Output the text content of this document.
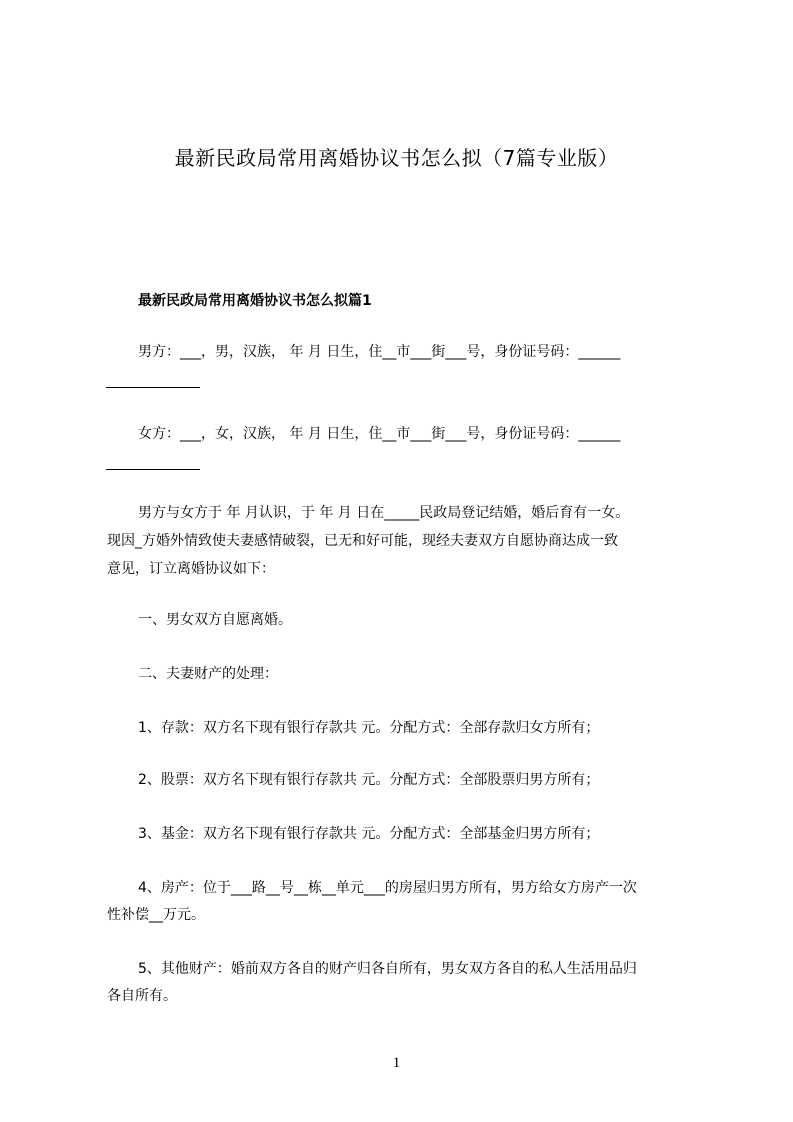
最新民政局常用离婚协议书怎么拟（7篇专业版）
最新民政局常用离婚协议书怎么拟篇1
男方：___，男，汉族， 年 月 日生，住__市___街___号，身份证号码：______
女方：___，女，汉族， 年 月 日生，住__市___街___号，身份证号码：______
男方与女方于 年 月认识，于 年 月 日在_____民政局登记结婚，婚后育有一女。
现因_方婚外情致使夫妻感情破裂，已无和好可能，现经夫妻双方自愿协商达成一致
意见，订立离婚协议如下：
一、男女双方自愿离婚。
二、夫妻财产的处理：
1、存款：双方名下现有银行存款共 元。分配方式：全部存款归女方所有；
2、股票：双方名下现有银行存款共 元。分配方式：全部股票归男方所有；
3、基金：双方名下现有银行存款共 元。分配方式：全部基金归男方所有；
4、房产：位于___路__号__栋__单元___的房屋归男方所有，男方给女方房产一次
性补偿__万元。
5、其他财产：婚前双方各自的财产归各自所有，男女双方各自的私人生活用品归
各自所有。
1
